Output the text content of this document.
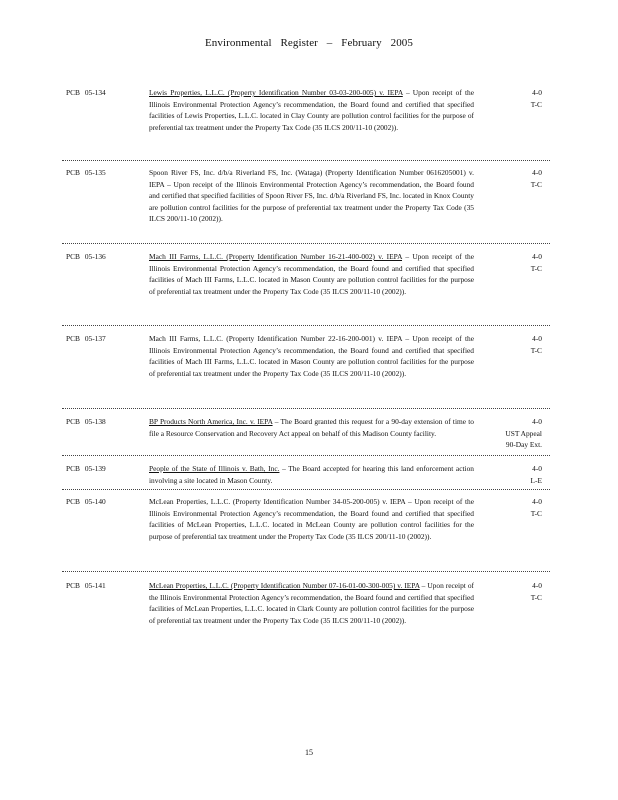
Environmental Register – February 2005
PCB 05-134	Lewis Properties, L.L.C. (Property Identification Number 03-03-200-005) v. IEPA – Upon receipt of the Illinois Environmental Protection Agency’s recommendation, the Board found and certified that specified facilities of Lewis Properties, L.L.C. located in Clay County are pollution control facilities for the purpose of preferential tax treatment under the Property Tax Code (35 ILCS 200/11-10 (2002)).
4-0
T-C
PCB 05-135	Spoon River FS, Inc. d/b/a Riverland FS, Inc. (Wataga) (Property Identification Number 0616205001) v. IEPA – Upon receipt of the Illinois Environmental Protection Agency’s recommendation, the Board found and certified that specified facilities of Spoon River FS, Inc. d/b/a Riverland FS, Inc. located in Knox County are pollution control facilities for the purpose of preferential tax treatment under the Property Tax Code (35 ILCS 200/11-10 (2002)).
4-0
T-C
PCB 05-136	Mach III Farms, L.L.C. (Property Identification Number 16-21-400-002) v. IEPA – Upon receipt of the Illinois Environmental Protection Agency’s recommendation, the Board found and certified that specified facilities of Mach III Farms, L.L.C. located in Mason County are pollution control facilities for the purpose of preferential tax treatment under the Property Tax Code (35 ILCS 200/11-10 (2002)).
4-0
T-C
PCB 05-137	Mach III Farms, L.L.C. (Property Identification Number 22-16-200-001) v. IEPA – Upon receipt of the Illinois Environmental Protection Agency’s recommendation, the Board found and certified that specified facilities of Mach III Farms, L.L.C. located in Mason County are pollution control facilities for the purpose of preferential tax treatment under the Property Tax Code (35 ILCS 200/11-10 (2002)).
4-0
T-C
PCB 05-138	BP Products North America, Inc. v. IEPA – The Board granted this request for a 90-day extension of time to file a Resource Conservation and Recovery Act appeal on behalf of this Madison County facility.
4-0
UST Appeal
90-Day Ext.
PCB 05-139	People of the State of Illinois v. Bath, Inc. – The Board accepted for hearing this land enforcement action involving a site located in Mason County.
4-0
L-E
PCB 05-140	McLean Properties, L.L.C. (Property Identification Number 34-05-200-005) v. IEPA – Upon receipt of the Illinois Environmental Protection Agency’s recommendation, the Board found and certified that specified facilities of McLean Properties, L.L.C. located in McLean County are pollution control facilities for the purpose of preferential tax treatment under the Property Tax Code (35 ILCS 200/11-10 (2002)).
4-0
T-C
PCB 05-141	McLean Properties, L.L.C. (Property Identification Number 07-16-01-00-300-005) v. IEPA – Upon receipt of the Illinois Environmental Protection Agency’s recommendation, the Board found and certified that specified facilities of McLean Properties, L.L.C. located in Clark County are pollution control facilities for the purpose of preferential tax treatment under the Property Tax Code (35 ILCS 200/11-10 (2002)).
4-0
T-C
15
